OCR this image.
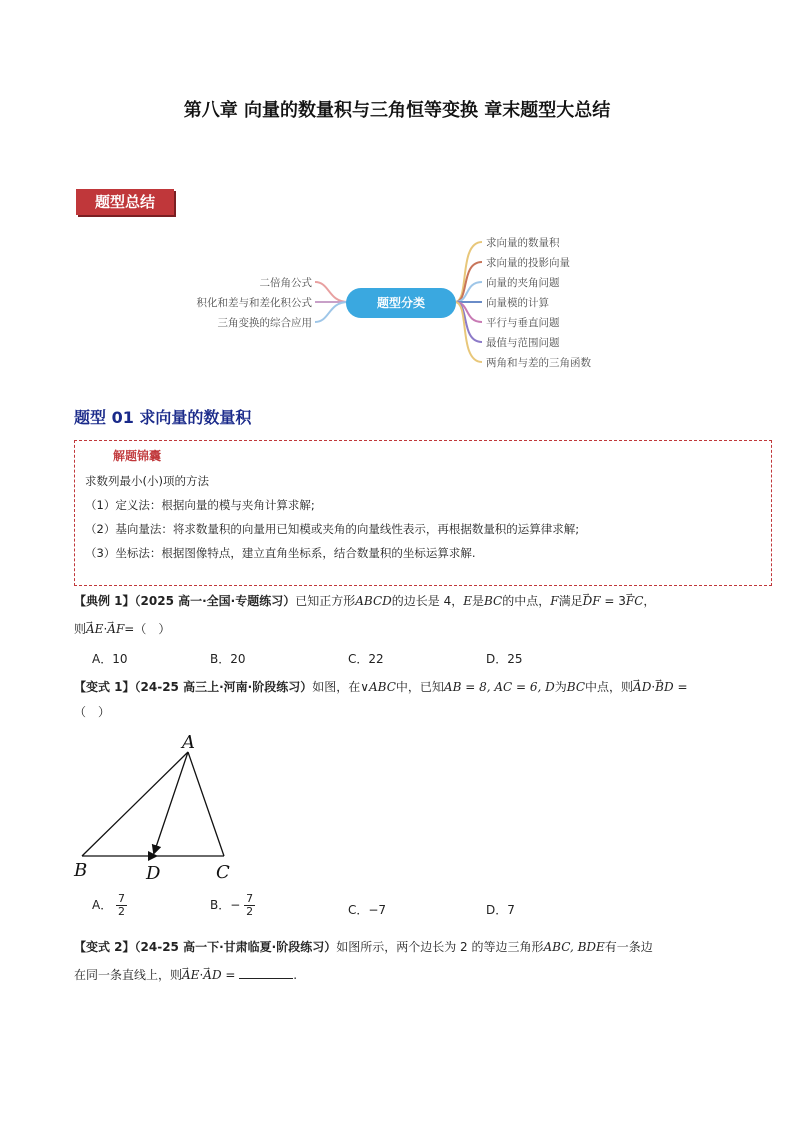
第八章 向量的数量积与三角恒等变换 章末题型大总结
题型总结
题型分类
二倍角公式
积化和差与和差化积公式
三角变换的综合应用
求向量的数量积
求向量的投影向量
向量的夹角问题
向量模的计算
平行与垂直问题
最值与范围问题
两角和与差的三角函数
题型 01 求向量的数量积
解题锦囊
求数列最小(小)项的方法
（1）定义法：根据向量的模与夹角计算求解;
（2）基向量法：将求数量积的向量用已知模或夹角的向量线性表示，再根据数量积的运算律求解;
（3）坐标法：根据图像特点，建立直角坐标系，结合数量积的坐标运算求解.
【典例 1】（2025 高一·全国·专题练习）已知正方形ABCD的边长是 4，E是BC的中点，F满足→ DF = 3→ FC，
则→ AE·→ AF=（　）
A．10	B．20	C．22	D．25
【变式 1】（24-25 高三上·河南·阶段练习）如图，在∨ABC中，已知AB = 8, AC = 6, D为BC中点，则→ AD·→ BD =
（　）
A
B	C
D
A． $\frac{7}{2}$	B．− $\frac{7}{2}$	C．−7	D．7
【变式 2】（24-25 高一下·甘肃临夏·阶段练习）如图所示，两个边长为 2 的等边三角形ABC, BDE有一条边
在同一条直线上，则→ AE·→ AD =	.
